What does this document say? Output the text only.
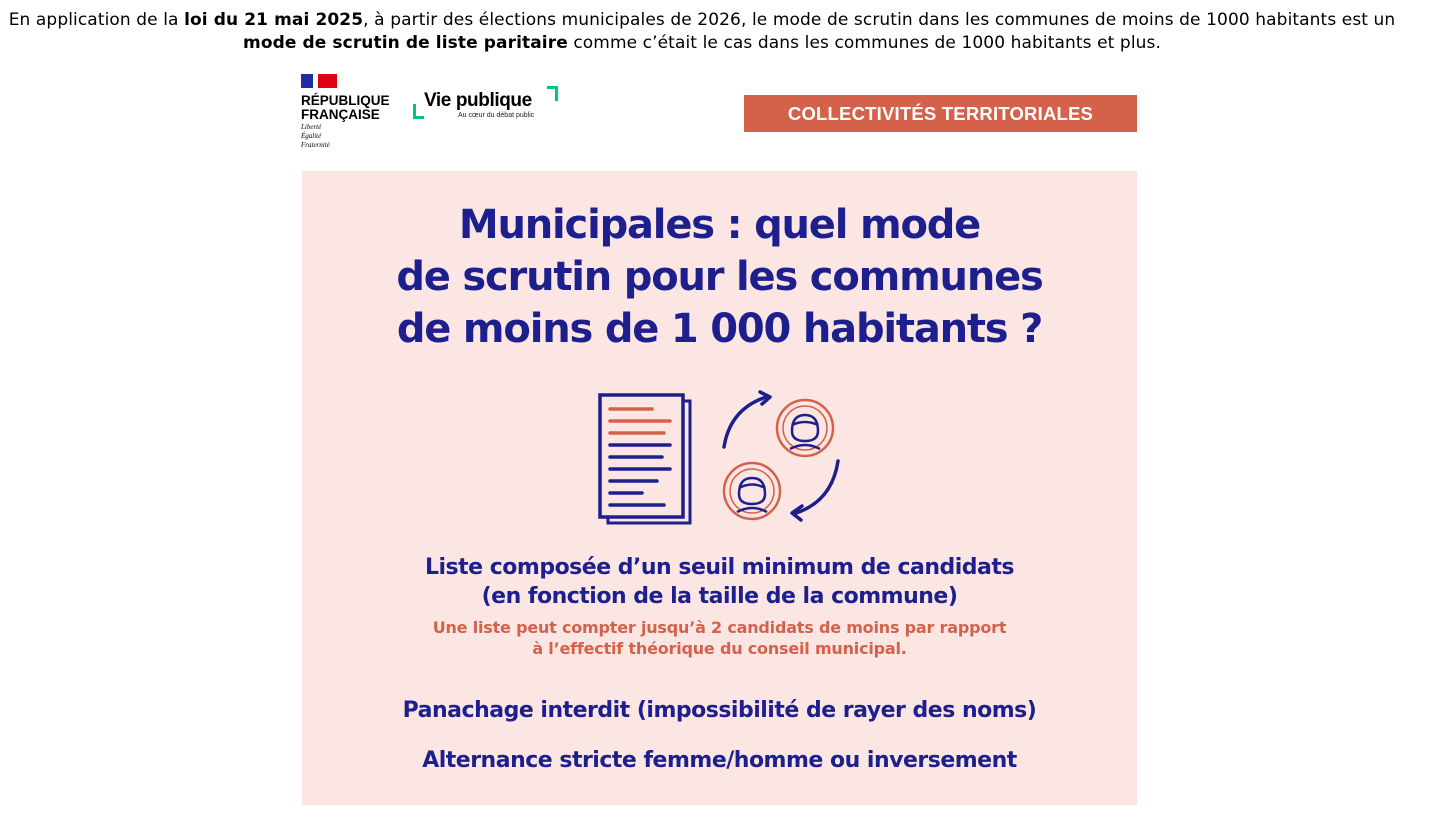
En application de la loi du 21 mai 2025, à partir des élections municipales de 2026, le mode de scrutin dans les communes de moins de 1000 habitants est un mode de scrutin de liste paritaire comme c’était le cas dans les communes de 1000 habitants et plus.
RÉPUBLIQUE
FRANÇAISE
Liberté
Égalité
Fraternité
Vie publique
Au cœur du débat public	COLLECTIVITÉS TERRITORIALES
Municipales : quel mode
de scrutin pour les communes
de moins de 1 000 habitants ?
Liste composée d’un seuil minimum de candidats
(en fonction de la taille de la commune)
Une liste peut compter jusqu’à 2 candidats de moins par rapport
à l’effectif théorique du conseil municipal.
Panachage interdit (impossibilité de rayer des noms)
Alternance stricte femme/homme ou inversement
